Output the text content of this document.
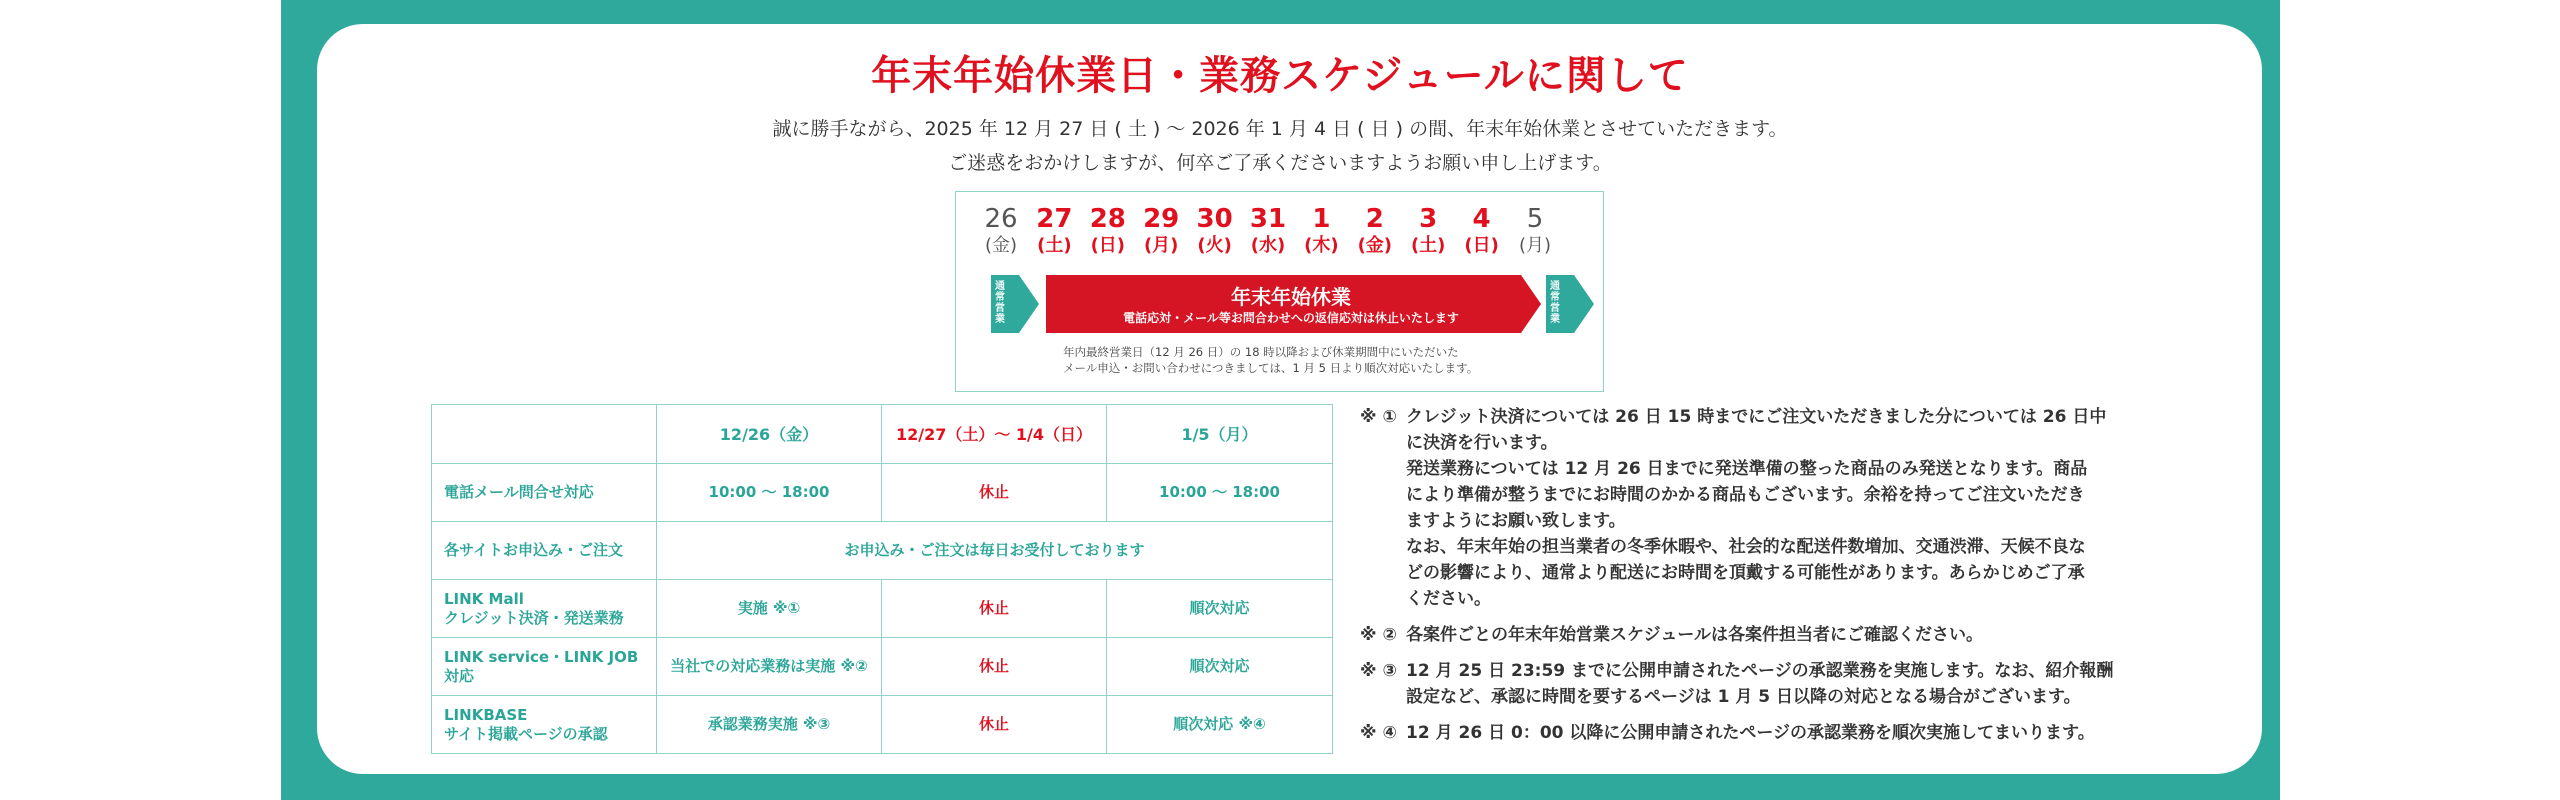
年末年始休業日・業務スケジュールに関して
誠に勝手ながら、2025 年 12 月 27 日 ( 土 ) 〜 2026 年 1 月 4 日 ( 日 ) の間、年末年始休業とさせていただきます。
ご迷惑をおかけしますが、何卒ご了承くださいますようお願い申し上げます。
26
(金)
27
(土)
28
(日)
29
(月)
30
(火)
31
(水)
1
(木)
2
(金)
3
(土)
4
(日)
5
(月)
通常営業
年末年始休業
電話応対・メール等お問合わせへの返信応対は休止いたします
通常営業
年内最終営業日（12 月 26 日）の 18 時以降および休業期間中にいただいた
メール申込・お問い合わせにつきましては、1 月 5 日より順次対応いたします。
	12/26（金）	12/27（土）〜 1/4（日）	1/5（月）
電話メール問合せ対応	10:00 〜 18:00	休止	10:00 〜 18:00
各サイトお申込み・ご注文	お申込み・ご注文は毎日お受付しております		

LINK Mall
クレジット決済・発送業務	実施 ※①	休止	順次対応

LINK service・LINK JOB
対応	当社での対応業務は実施 ※②	休止	順次対応

LINKBASE
サイト掲載ページの承認	承認業務実施 ※③	休止	順次対応 ※④
※ ① クレジット決済については 26 日 15 時までにご注文いただきました分については 26 日中

に決済を行います。

発送業務については 12 月 26 日までに発送準備の整った商品のみ発送となります。商品

により準備が整うまでにお時間のかかる商品もございます。余裕を持ってご注文いただき

ますようにお願い致します。

なお、年末年始の担当業者の冬季休暇や、社会的な配送件数増加、交通渋滞、天候不良な

どの影響により、通常より配送にお時間を頂戴する可能性があります。あらかじめご了承

ください。

※ ② 各案件ごとの年末年始営業スケジュールは各案件担当者にご確認ください。

※ ③ 12 月 25 日 23:59 までに公開申請されたページの承認業務を実施します。なお、紹介報酬

設定など、承認に時間を要するページは 1 月 5 日以降の対応となる場合がございます。

※ ④ 12 月 26 日 0：00 以降に公開申請されたページの承認業務を順次実施してまいります。
